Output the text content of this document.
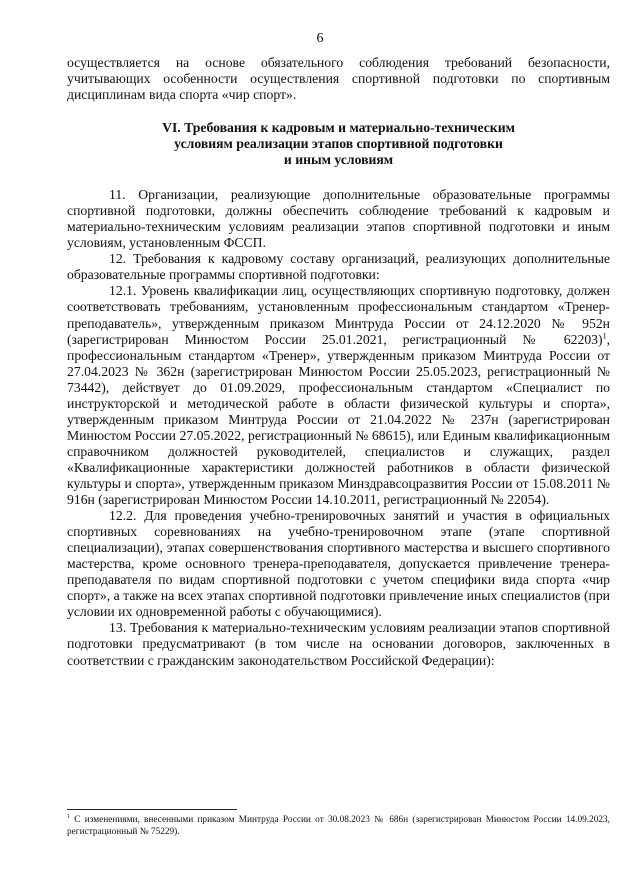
6

осуществляется на основе обязательного соблюдения требований безопасности, учитывающих особенности осуществления спортивной подготовки по спортивным дисциплинам вида спорта «чир спорт».

VI. Требования к кадровым и материально-техническим
условиям реализации этапов спортивной подготовки
и иным условиям

11. Организации, реализующие дополнительные образовательные программы спортивной подготовки, должны обеспечить соблюдение требований к кадровым и материально-техническим условиям реализации этапов спортивной подготовки и иным условиям, установленным ФССП.

12. Требования к кадровому составу организаций, реализующих дополнительные образовательные программы спортивной подготовки:

12.1. Уровень квалификации лиц, осуществляющих спортивную подготовку, должен соответствовать требованиям, установленным профессиональным стандартом «Тренер-преподаватель», утвержденным приказом Минтруда России от 24.12.2020 № 952н (зарегистрирован Минюстом России 25.01.2021, регистрационный № 62203)$^1$, профессиональным стандартом «Тренер», утвержденным приказом Минтруда России от 27.04.2023 № 362н (зарегистрирован Минюстом России 25.05.2023, регистрационный № 73442), действует до 01.09.2029, профессиональным стандартом «Специалист по инструкторской и методической работе в области физической культуры и спорта», утвержденным приказом Минтруда России от 21.04.2022 № 237н (зарегистрирован Минюстом России 27.05.2022, регистрационный № 68615), или Единым квалификационным справочником должностей руководителей, специалистов и служащих, раздел «Квалификационные характеристики должностей работников в области физической культуры и спорта», утвержденным приказом Минздравсоцразвития России от 15.08.2011 № 916н (зарегистрирован Минюстом России 14.10.2011, регистрационный № 22054).

12.2. Для проведения учебно-тренировочных занятий и участия в официальных спортивных соревнованиях на учебно-тренировочном этапе (этапе спортивной специализации), этапах совершенствования спортивного мастерства и высшего спортивного мастерства, кроме основного тренера-преподавателя, допускается привлечение тренера-преподавателя по видам спортивной подготовки с учетом специфики вида спорта «чир спорт», а также на всех этапах спортивной подготовки привлечение иных специалистов (при условии их одновременной работы с обучающимися).

13. Требования к материально-техническим условиям реализации этапов спортивной подготовки предусматривают (в том числе на основании договоров, заключенных в соответствии с гражданским законодательством Российской Федерации):

$^1$ С изменениями, внесенными приказом Минтруда России от 30.08.2023 № 686н (зарегистрирован Минюстом России 14.09.2023, регистрационный № 75229).
